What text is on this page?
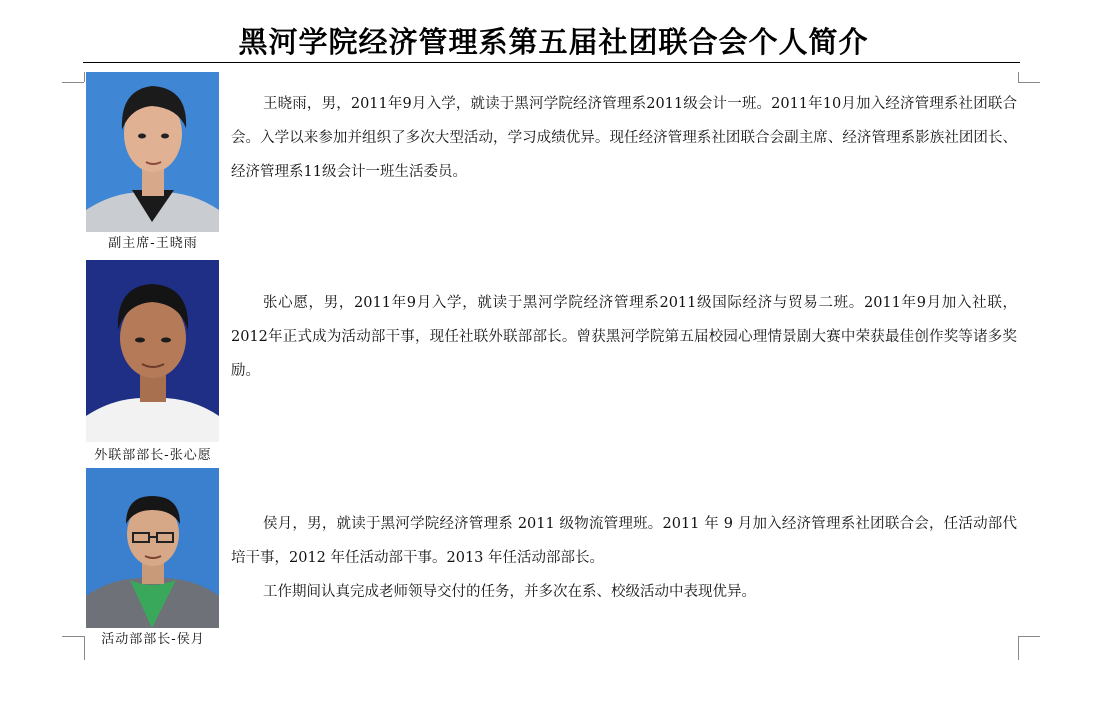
黑河学院经济管理系第五届社团联合会个人简介
副主席-王晓雨

王晓雨，男，2011年9月入学，就读于黑河学院经济管理系2011级会计一班。2011年10月加入经济管理系社团联合会。入学以来参加并组织了多次大型活动，学习成绩优异。现任经济管理系社团联合会副主席、经济管理系影族社团团长、经济管理系11级会计一班生活委员。

外联部部长-张心愿

张心愿，男，2011年9月入学，就读于黑河学院经济管理系2011级国际经济与贸易二班。2011年9月加入社联，2012年正式成为活动部干事，现任社联外联部部长。曾获黑河学院第五届校园心理情景剧大赛中荣获最佳创作奖等诸多奖励。

活动部部长-侯月

侯月，男，就读于黑河学院经济管理系 2011 级物流管理班。2011 年 9 月加入经济管理系社团联合会，任活动部代培干事，2012 年任活动部干事。2013 年任活动部部长。

工作期间认真完成老师领导交付的任务，并多次在系、校级活动中表现优异。
